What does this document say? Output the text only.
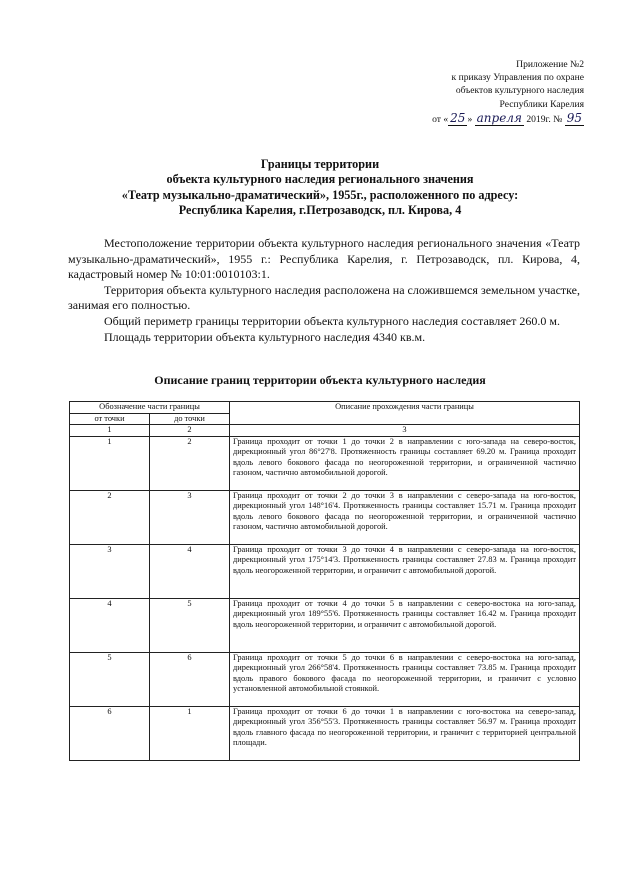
Приложение №2
к приказу Управления по охране
объектов культурного наследия
Республики Карелия
от « 25 » апреля 2019г. № 95
Границы территории
объекта культурного наследия регионального значения
«Театр музыкально-драматический», 1955г., расположенного по адресу:
Республика Карелия, г.Петрозаводск, пл. Кирова, 4

Местоположение территории объекта культурного наследия регионального значения «Театр музыкально-драматический», 1955 г.: Республика Карелия, г. Петрозаводск, пл. Кирова, 4, кадастровый номер № 10:01:0010103:1.

Территория объекта культурного наследия расположена на сложившемся земельном участке, занимая его полностью.

Общий периметр границы территории объекта культурного наследия составляет 260.0 м.

Площадь территории объекта культурного наследия 4340 кв.м.

Описание границ территории объекта культурного наследия
Обозначение части границы		Описание прохождения части границы
от точки	до точки	
1	2	3
1	2	Граница проходит от точки 1 до точки 2 в направлении с юго-запада на северо-восток, дирекционный угол 86°27'8. Протяженность границы составляет 69.20 м. Граница проходит вдоль левого бокового фасада по неогороженной территории, и ограниченной частично газоном, частично автомобильной дорогой.
2	3	Граница проходит от точки 2 до точки 3 в направлении с северо-запада на юго-восток, дирекционный угол 148°16'4. Протяженность границы составляет 15.71 м. Граница проходит вдоль левого бокового фасада по неогороженной территории, и ограниченной частично газоном, частично автомобильной дорогой.
3	4	Граница проходит от точки 3 до точки 4 в направлении с северо-запада на юго-восток, дирекционный угол 175°14'3. Протяженность границы составляет 27.83 м. Граница проходит вдоль неогороженной территории, и ограничит с автомобильной дорогой.
4	5	Граница проходит от точки 4 до точки 5 в направлении с северо-востока на юго-запад, дирекционный угол 189°55'6. Протяженность границы составляет 16.42 м. Граница проходит вдоль неогороженной территории, и ограничит с автомобильной дорогой.
5	6	Граница проходит от точки 5 до точки 6 в направлении с северо-востока на юго-запад, дирекционный угол 266°58'4. Протяженность границы составляет 73.85 м. Граница проходит вдоль правого бокового фасада по неогороженной территории, и граничит с условно установленной автомобильной стоянкой.
6	1	Граница проходит от точки 6 до точки 1 в направлении с юго-востока на северо-запад, дирекционный угол 356°55'3. Протяженность границы составляет 56.97 м. Граница проходит вдоль главного фасада по неогороженной территории, и граничит с территорией центральной площади.
